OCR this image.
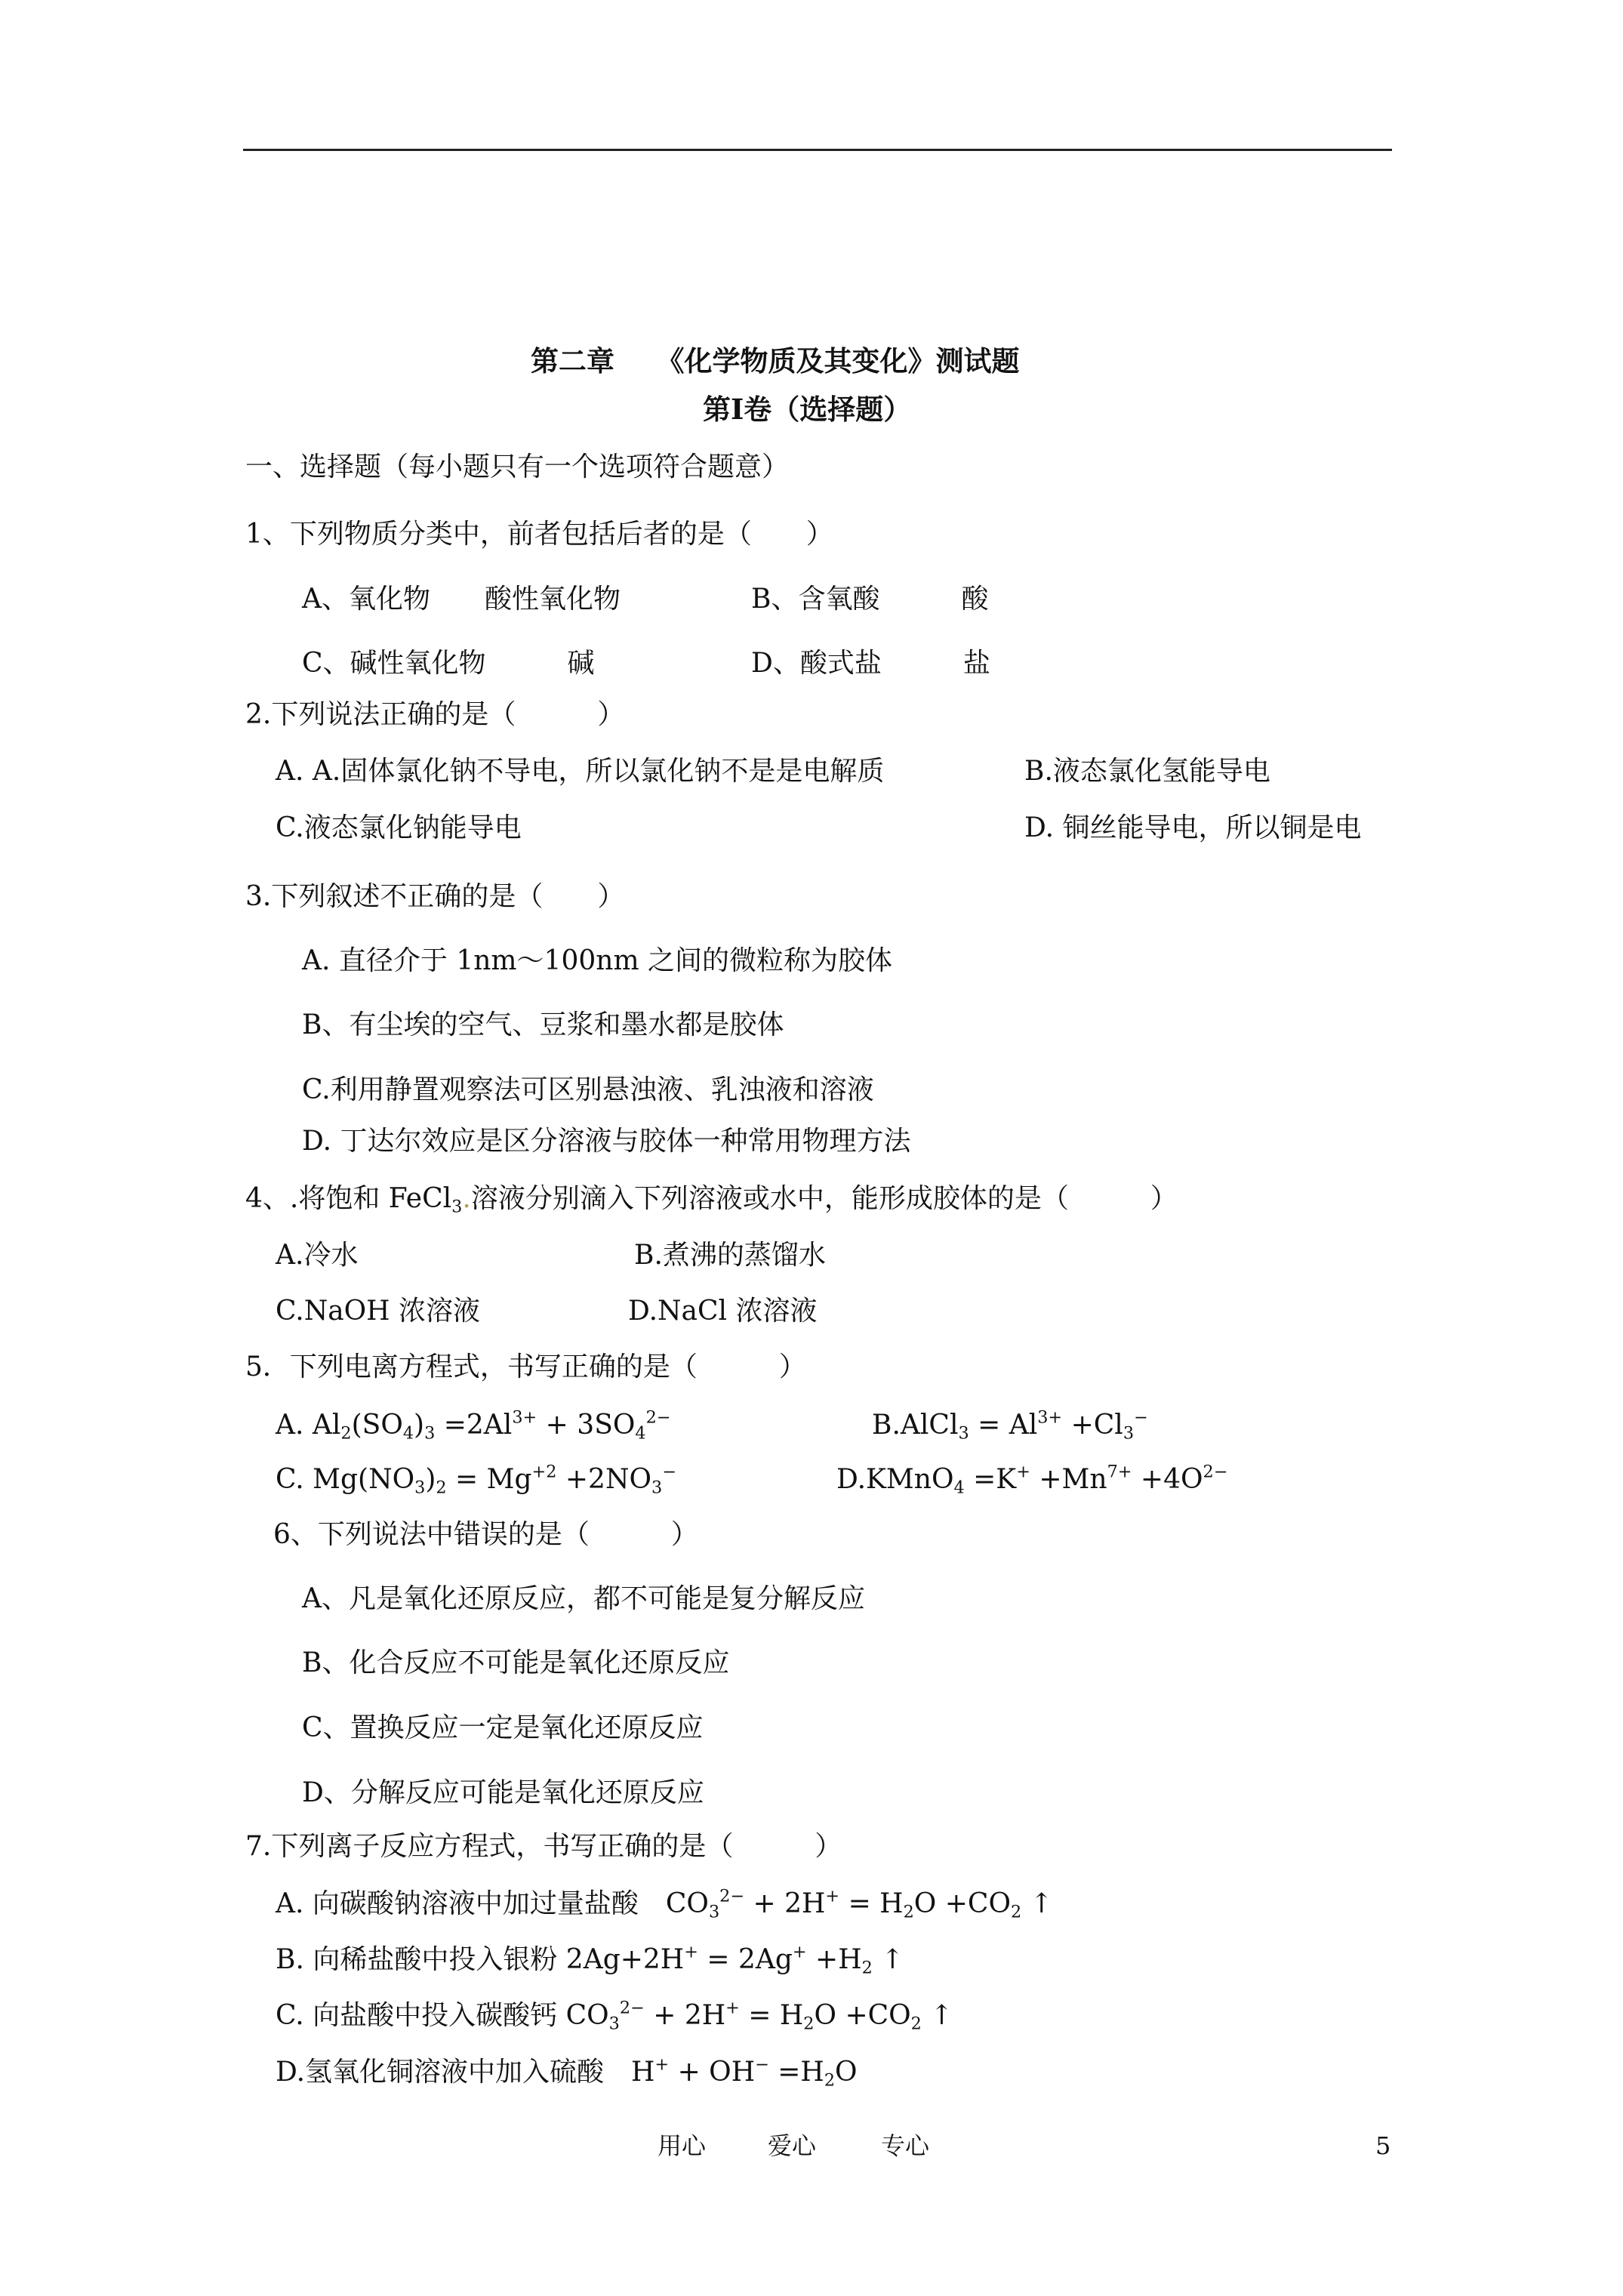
第二章　　《化学物质及其变化》测试题
第Ⅰ卷（选择题）
一、选择题（每小题只有一个选项符合题意）
1、下列物质分类中，前者包括后者的是（　　）
A、氧化物　　酸性氧化物	B、含氧酸　　　酸
C、碱性氧化物　　　碱	D、酸式盐　　　盐
2.下列说法正确的是（　　　）
A. A.固体氯化钠不导电，所以氯化钠不是是电解质	B.液态氯化氢能导电
C.液态氯化钠能导电	D. 铜丝能导电，所以铜是电
3.下列叙述不正确的是（　　）
A. 直径介于 1nm～100nm 之间的微粒称为胶体
B、有尘埃的空气、豆浆和墨水都是胶体
C.利用静置观察法可区别悬浊液、乳浊液和溶液
D. 丁达尔效应是区分溶液与胶体一种常用物理方法
4、.将饱和 FeCl$_3$.溶液分别滴入下列溶液或水中，能形成胶体的是（　　　）
A.冷水	B.煮沸的蒸馏水
C.NaOH 浓溶液	D.NaCl 浓溶液
5．下列电离方程式，书写正确的是（　　　）
A. $Al_2(SO_4)_3 =2Al^{3+} + 3SO_4^{2-}$	B.AlCl$_3$ = $Al^{3+} +Cl_3^-$
C. $Mg(NO_3)_2 = Mg^{+2} +2NO_3^-$	D.KMnO$_4$ $=K^+ +Mn^{7+} +4O^{2-}$
6、下列说法中错误的是（　　　）
A、凡是氧化还原反应，都不可能是复分解反应
B、化合反应不可能是氧化还原反应
C、置换反应一定是氧化还原反应
D、分解反应可能是氧化还原反应
7.下列离子反应方程式，书写正确的是（　　　）
A. 向碳酸钠溶液中加过量盐酸　$CO_3^{2-} + 2H^+ = H_2O +CO_2$ ↑
B. 向稀盐酸中投入银粉 $2Ag+2H^+ = 2Ag^+ +H_2$ ↑
C. 向盐酸中投入碳酸钙 $CO_3^{2-} + 2H^+ = H_2O +CO_2$ ↑
D.氢氧化铜溶液中加入硫酸　$H^+ + OH^- =H_2O$
用心	爱心	专心	5
